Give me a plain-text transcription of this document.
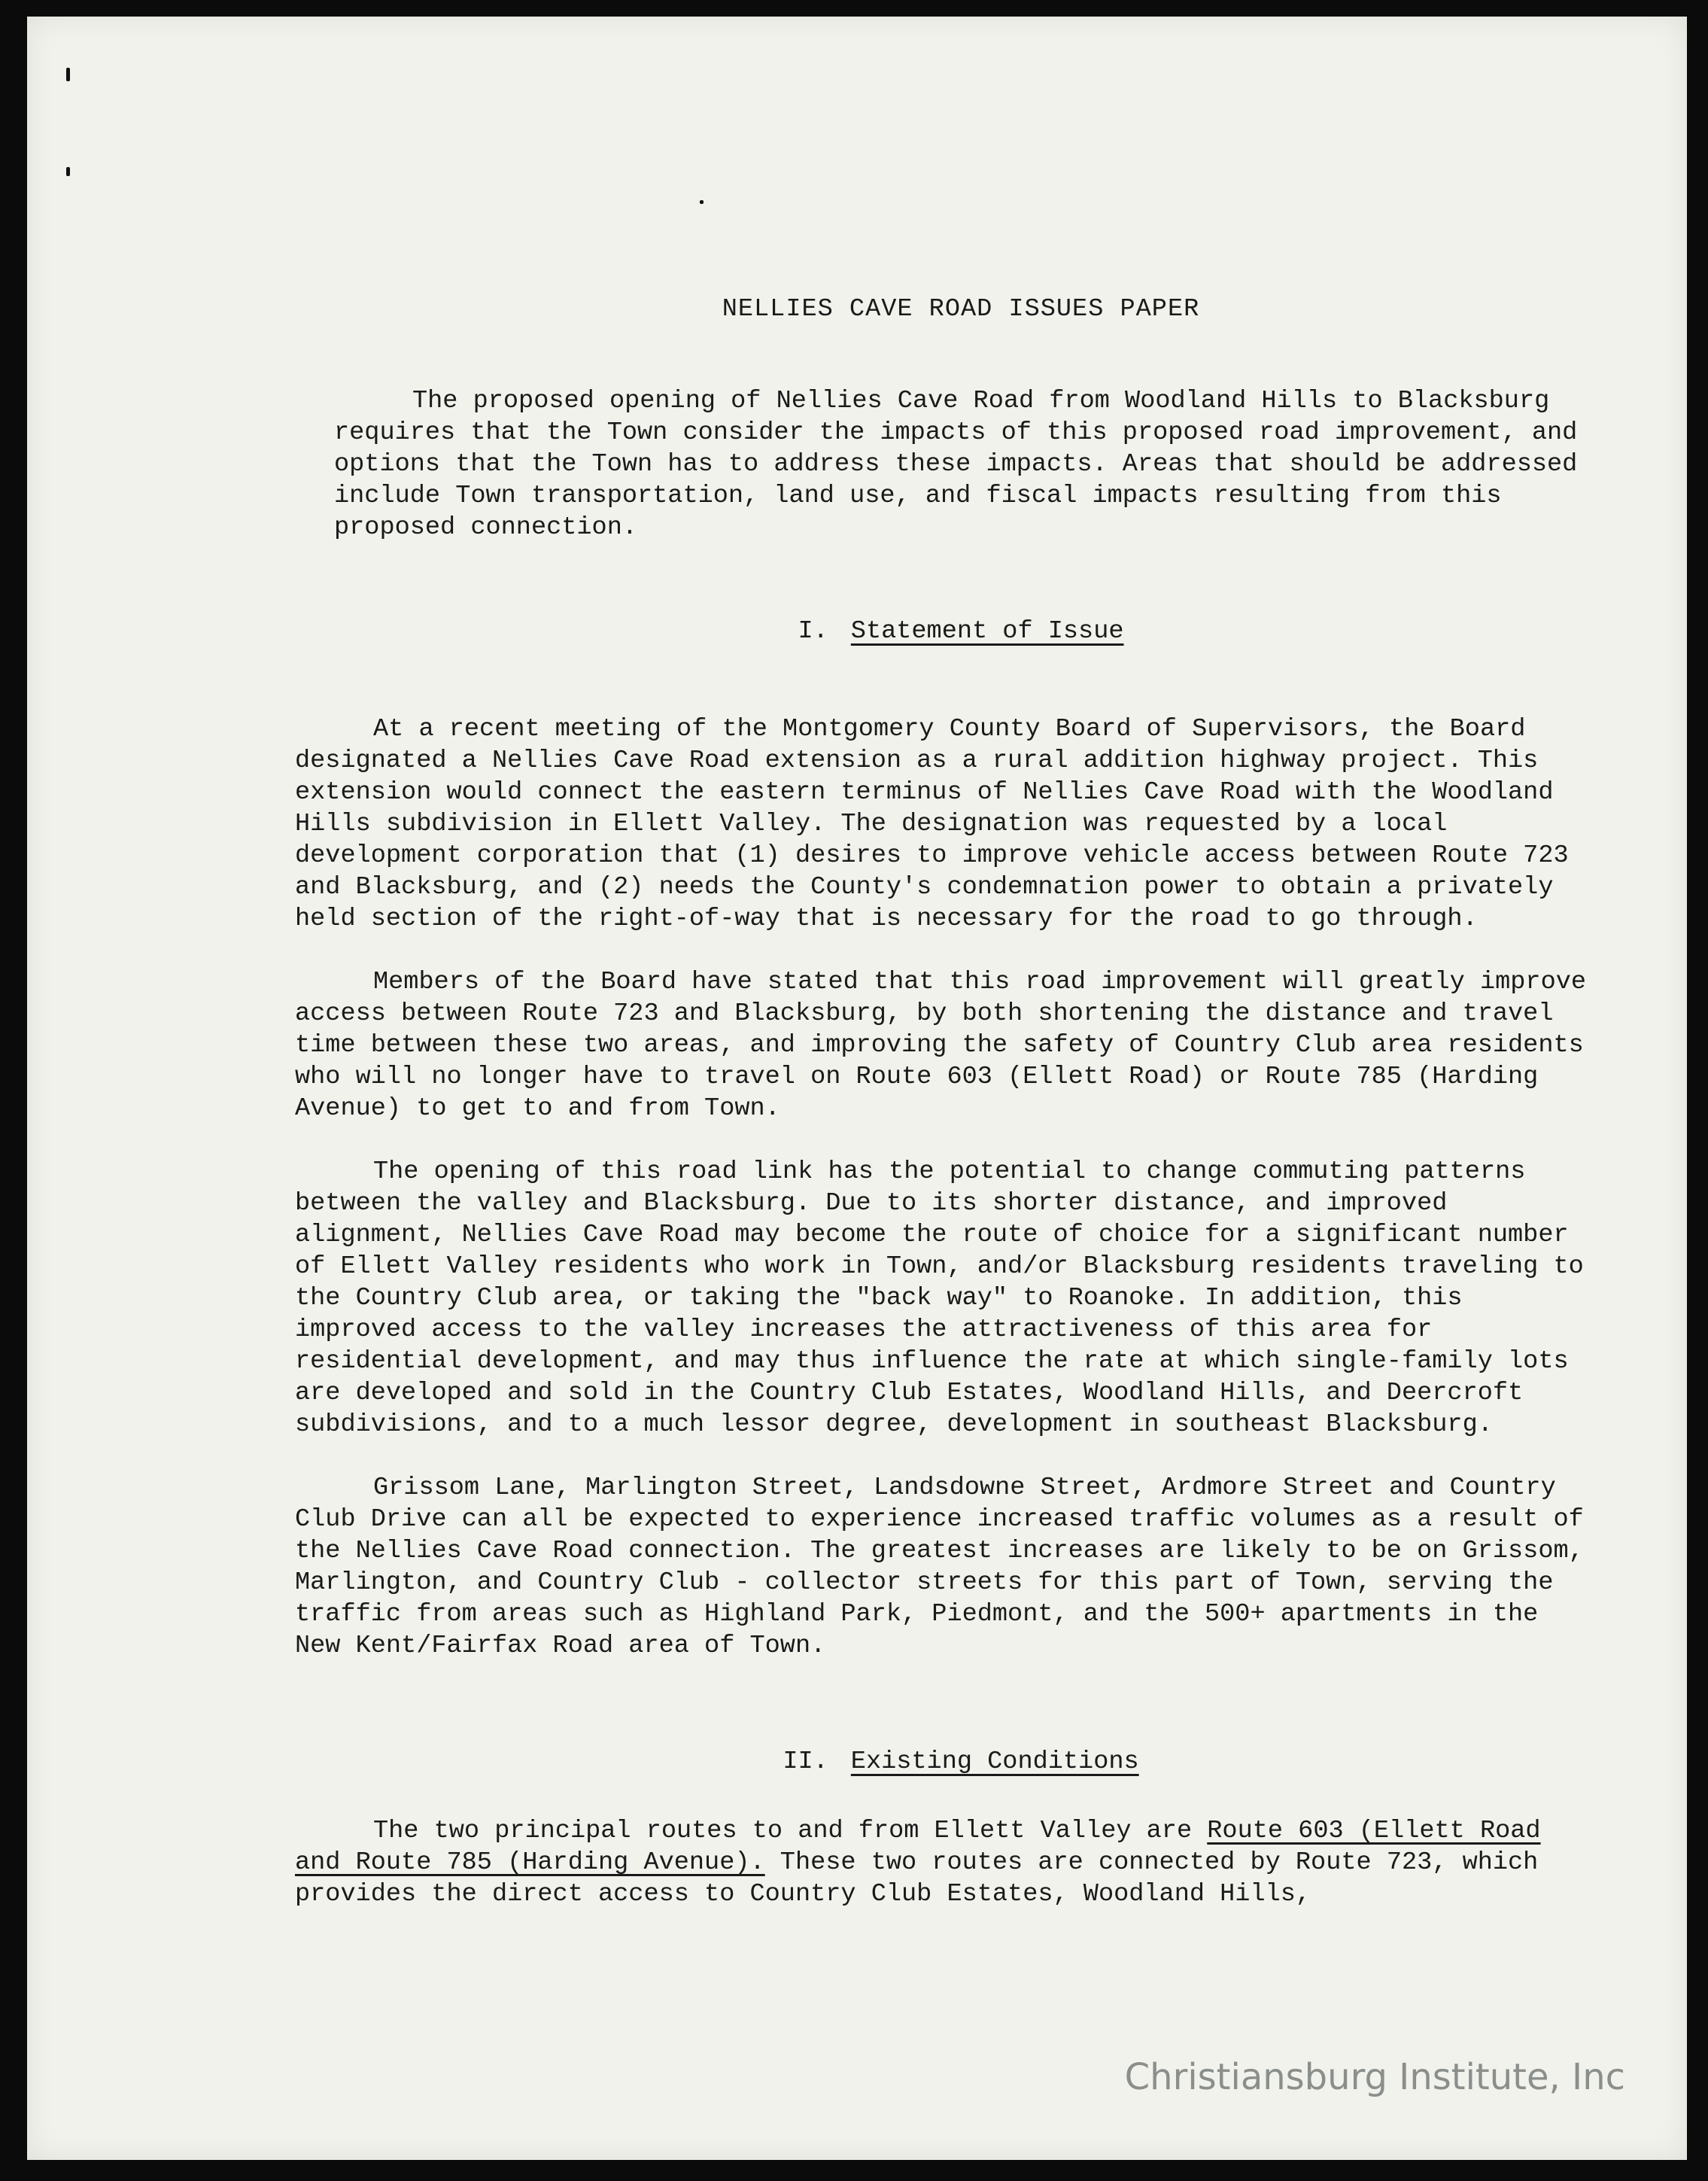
NELLIES CAVE ROAD ISSUES PAPER

The proposed opening of Nellies Cave Road from Woodland Hills to Blacksburg requires that the Town consider the impacts of this proposed road improvement, and options that the Town has to address these impacts. Areas that should be addressed include Town transportation, land use, and fiscal impacts resulting from this proposed connection.

I. Statement of Issue

At a recent meeting of the Montgomery County Board of Supervisors, the Board designated a Nellies Cave Road extension as a rural addition highway project. This extension would connect the eastern terminus of Nellies Cave Road with the Woodland Hills subdivision in Ellett Valley. The designation was requested by a local development corporation that (1) desires to improve vehicle access between Route 723 and Blacksburg, and (2) needs the County's condemnation power to obtain a privately held section of the right-of-way that is necessary for the road to go through.

Members of the Board have stated that this road improvement will greatly improve access between Route 723 and Blacksburg, by both shortening the distance and travel time between these two areas, and improving the safety of Country Club area residents who will no longer have to travel on Route 603 (Ellett Road) or Route 785 (Harding Avenue) to get to and from Town.

The opening of this road link has the potential to change commuting patterns between the valley and Blacksburg. Due to its shorter distance, and improved alignment, Nellies Cave Road may become the route of choice for a significant number of Ellett Valley residents who work in Town, and/or Blacksburg residents traveling to the Country Club area, or taking the "back way" to Roanoke. In addition, this improved access to the valley increases the attractiveness of this area for residential development, and may thus influence the rate at which single-family lots are developed and sold in the Country Club Estates, Woodland Hills, and Deercroft subdivisions, and to a much lessor degree, development in southeast Blacksburg.

Grissom Lane, Marlington Street, Landsdowne Street, Ardmore Street and Country Club Drive can all be expected to experience increased traffic volumes as a result of the Nellies Cave Road connection. The greatest increases are likely to be on Grissom, Marlington, and Country Club - collector streets for this part of Town, serving the traffic from areas such as Highland Park, Piedmont, and the 500+ apartments in the New Kent/Fairfax Road area of Town.

II. Existing Conditions

The two principal routes to and from Ellett Valley are Route 603 (Ellett Road and Route 785 (Harding Avenue). These two routes are connected by Route 723, which provides the direct access to Country Club Estates, Woodland Hills,

Christiansburg Institute, Inc
